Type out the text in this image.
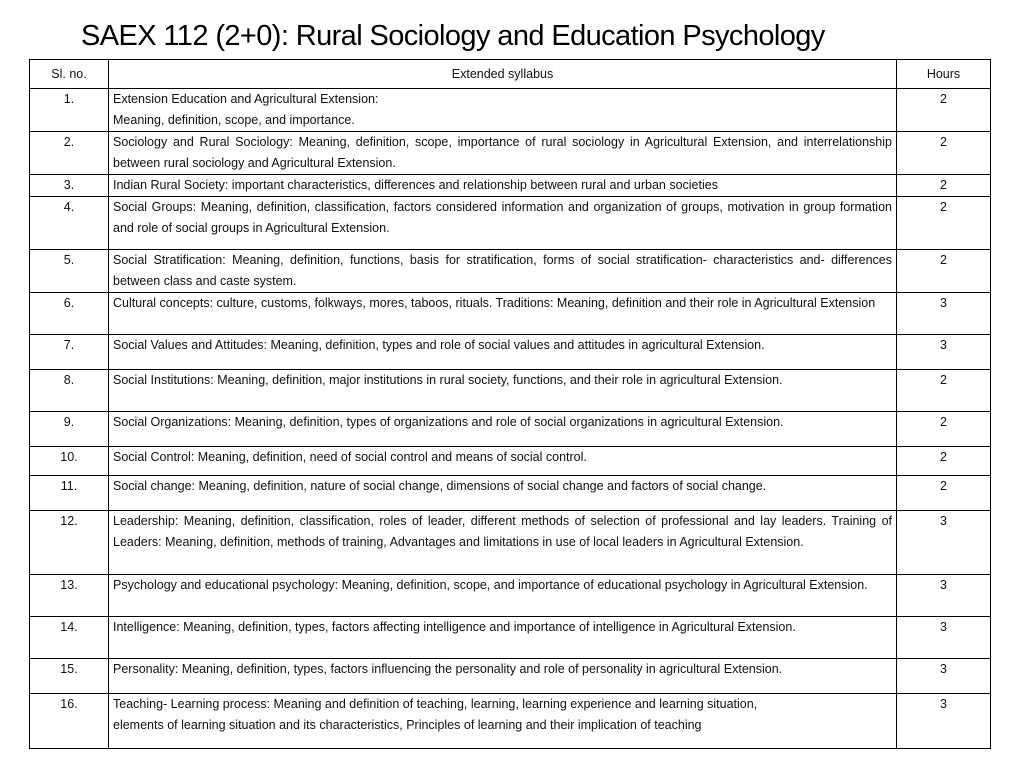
SAEX 112 (2+0): Rural Sociology and Education Psychology
Sl. no.	Extended syllabus	Hours
1.	Extension Education and Agricultural Extension:
Meaning, definition, scope, and importance.	2
2.	Sociology and Rural Sociology: Meaning, definition, scope, importance of rural sociology in Agricultural Extension, and interrelationship between rural sociology and Agricultural Extension.	2
3.	Indian Rural Society: important characteristics, differences and relationship between rural and urban societies	2
4.	Social Groups: Meaning, definition, classification, factors considered information and organization of groups, motivation in group formation and role of social groups in Agricultural Extension.	2
5.	Social Stratification: Meaning, definition, functions, basis for stratification, forms of social stratification- characteristics and- differences between class and caste system.	2
6.	Cultural concepts: culture, customs, folkways, mores, taboos, rituals. Traditions: Meaning, definition and their role in Agricultural Extension	3
7.	Social Values and Attitudes: Meaning, definition, types and role of social values and attitudes in agricultural Extension.	3
8.	Social Institutions: Meaning, definition, major institutions in rural society, functions, and their role in agricultural Extension.	2
9.	Social Organizations: Meaning, definition, types of organizations and role of social organizations in agricultural Extension.	2
10.	Social Control: Meaning, definition, need of social control and means of social control.	2
11.	Social change: Meaning, definition, nature of social change, dimensions of social change and factors of social change.	2
12.	Leadership: Meaning, definition, classification, roles of leader, different methods of selection of professional and lay leaders. Training of Leaders: Meaning, definition, methods of training, Advantages and limitations in use of local leaders in Agricultural Extension.	3
13.	Psychology and educational psychology: Meaning, definition, scope, and importance of educational psychology in Agricultural Extension.	3
14.	Intelligence: Meaning, definition, types, factors affecting intelligence and importance of intelligence in Agricultural Extension.	3
15.	Personality: Meaning, definition, types, factors influencing the personality and role of personality in agricultural Extension.	3
16.	Teaching- Learning process: Meaning and definition of teaching, learning, learning experience and learning situation,
elements of learning situation and its characteristics, Principles of learning and their implication of teaching	3
